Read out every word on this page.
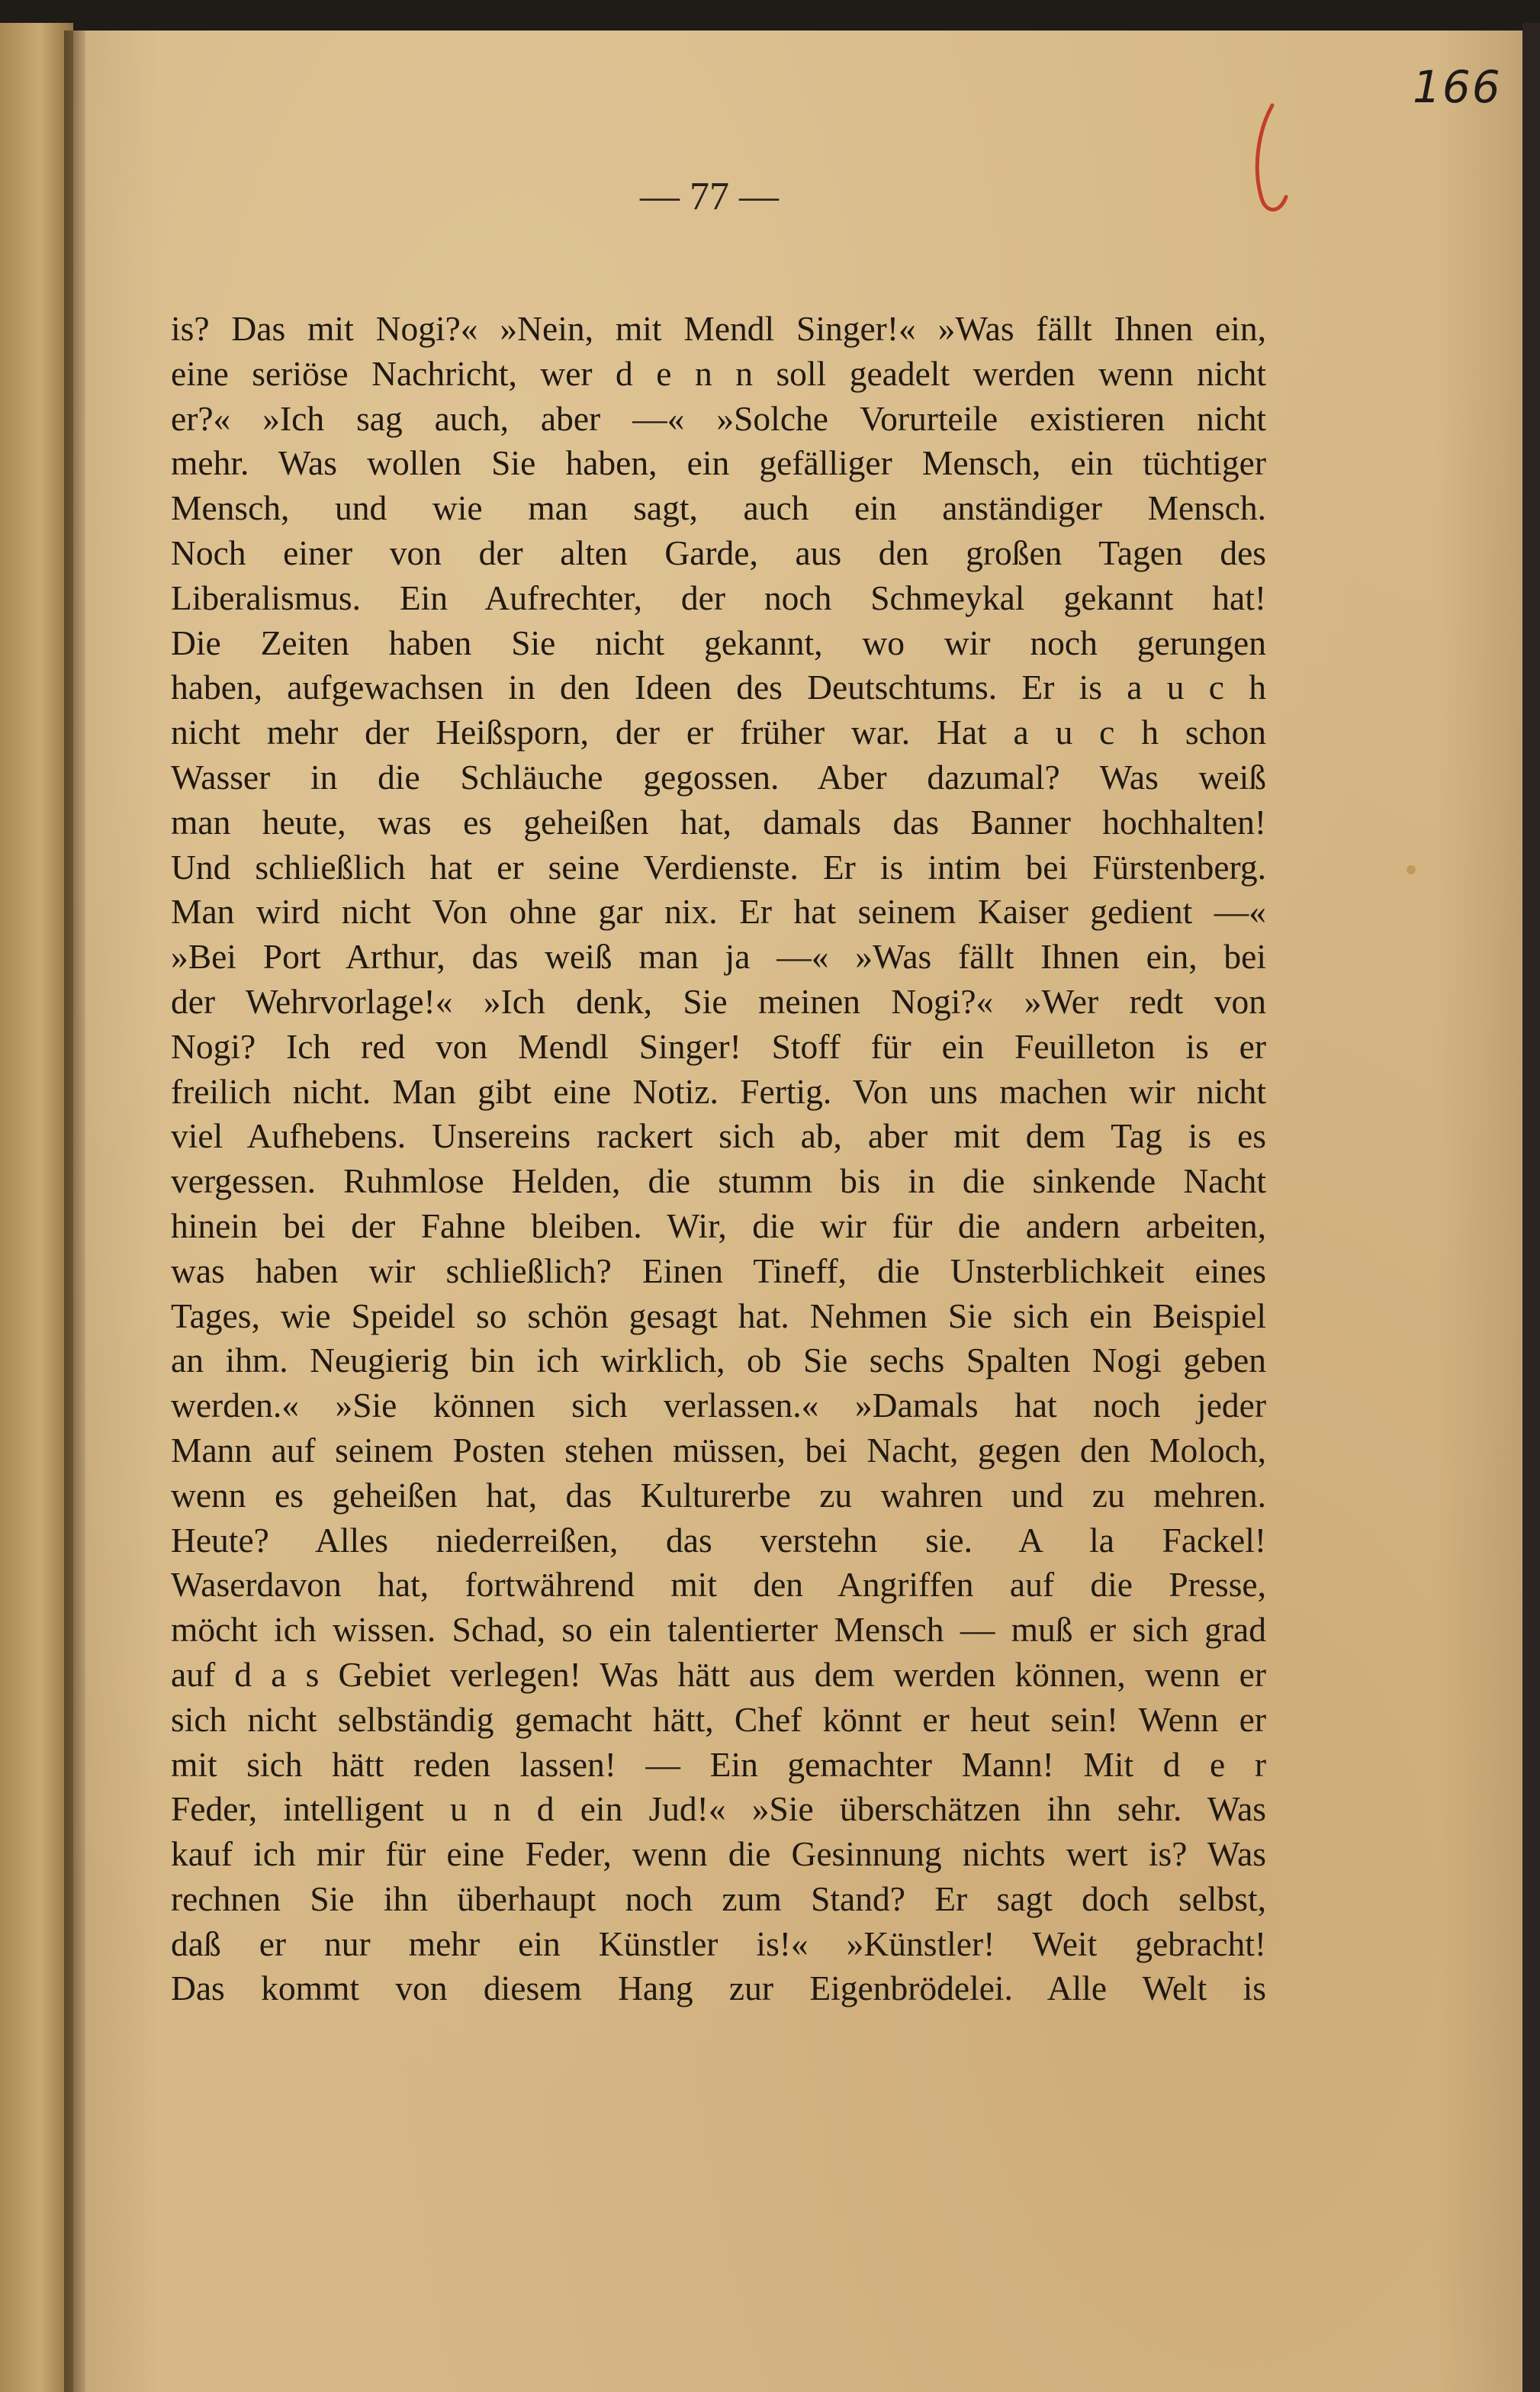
166
— 77 —
is? Das mit Nogi?« »Nein, mit Mendl Singer!« »Was fällt Ihnen ein,
eine seriöse Nachricht, wer d e n n soll geadelt werden wenn nicht
er?« »Ich sag auch, aber —« »Solche Vorurteile existieren nicht
mehr. Was wollen Sie haben, ein gefälliger Mensch, ein tüchtiger
Mensch, und wie man sagt, auch ein anständiger Mensch.
Noch einer von der alten Garde, aus den großen Tagen des
Liberalismus. Ein Aufrechter, der noch Schmeykal gekannt hat!
Die Zeiten haben Sie nicht gekannt, wo wir noch gerungen
haben, aufgewachsen in den Ideen des Deutschtums. Er is a u c h
nicht mehr der Heißsporn, der er früher war. Hat a u c h schon
Wasser in die Schläuche gegossen. Aber dazumal? Was weiß
man heute, was es geheißen hat, damals das Banner hochhalten!
Und schließlich hat er seine Verdienste. Er is intim bei Fürstenberg.
Man wird nicht Von ohne gar nix. Er hat seinem Kaiser gedient —«
»Bei Port Arthur, das weiß man ja —« »Was fällt Ihnen ein, bei
der Wehrvorlage!« »Ich denk, Sie meinen Nogi?« »Wer redt von
Nogi? Ich red von Mendl Singer! Stoff für ein Feuilleton is er
freilich nicht. Man gibt eine Notiz. Fertig. Von uns machen wir nicht
viel Aufhebens. Unsereins rackert sich ab, aber mit dem Tag is es
vergessen. Ruhmlose Helden, die stumm bis in die sinkende Nacht
hinein bei der Fahne bleiben. Wir, die wir für die andern arbeiten,
was haben wir schließlich? Einen Tineff, die Unsterblichkeit eines
Tages, wie Speidel so schön gesagt hat. Nehmen Sie sich ein Beispiel
an ihm. Neugierig bin ich wirklich, ob Sie sechs Spalten Nogi geben
werden.« »Sie können sich verlassen.« »Damals hat noch jeder
Mann auf seinem Posten stehen müssen, bei Nacht, gegen den Moloch,
wenn es geheißen hat, das Kulturerbe zu wahren und zu mehren.
Heute? Alles niederreißen, das verstehn sie. A la Fackel!
Waserdavon hat, fortwährend mit den Angriffen auf die Presse,
möcht ich wissen. Schad, so ein talentierter Mensch — muß er sich grad
auf d a s Gebiet verlegen! Was hätt aus dem werden können, wenn er
sich nicht selbständig gemacht hätt, Chef könnt er heut sein! Wenn er
mit sich hätt reden lassen! — Ein gemachter Mann! Mit d e r
Feder, intelligent u n d ein Jud!« »Sie überschätzen ihn sehr. Was
kauf ich mir für eine Feder, wenn die Gesinnung nichts wert is? Was
rechnen Sie ihn überhaupt noch zum Stand? Er sagt doch selbst,
daß er nur mehr ein Künstler is!« »Künstler! Weit gebracht!
Das kommt von diesem Hang zur Eigenbrödelei. Alle Welt is
